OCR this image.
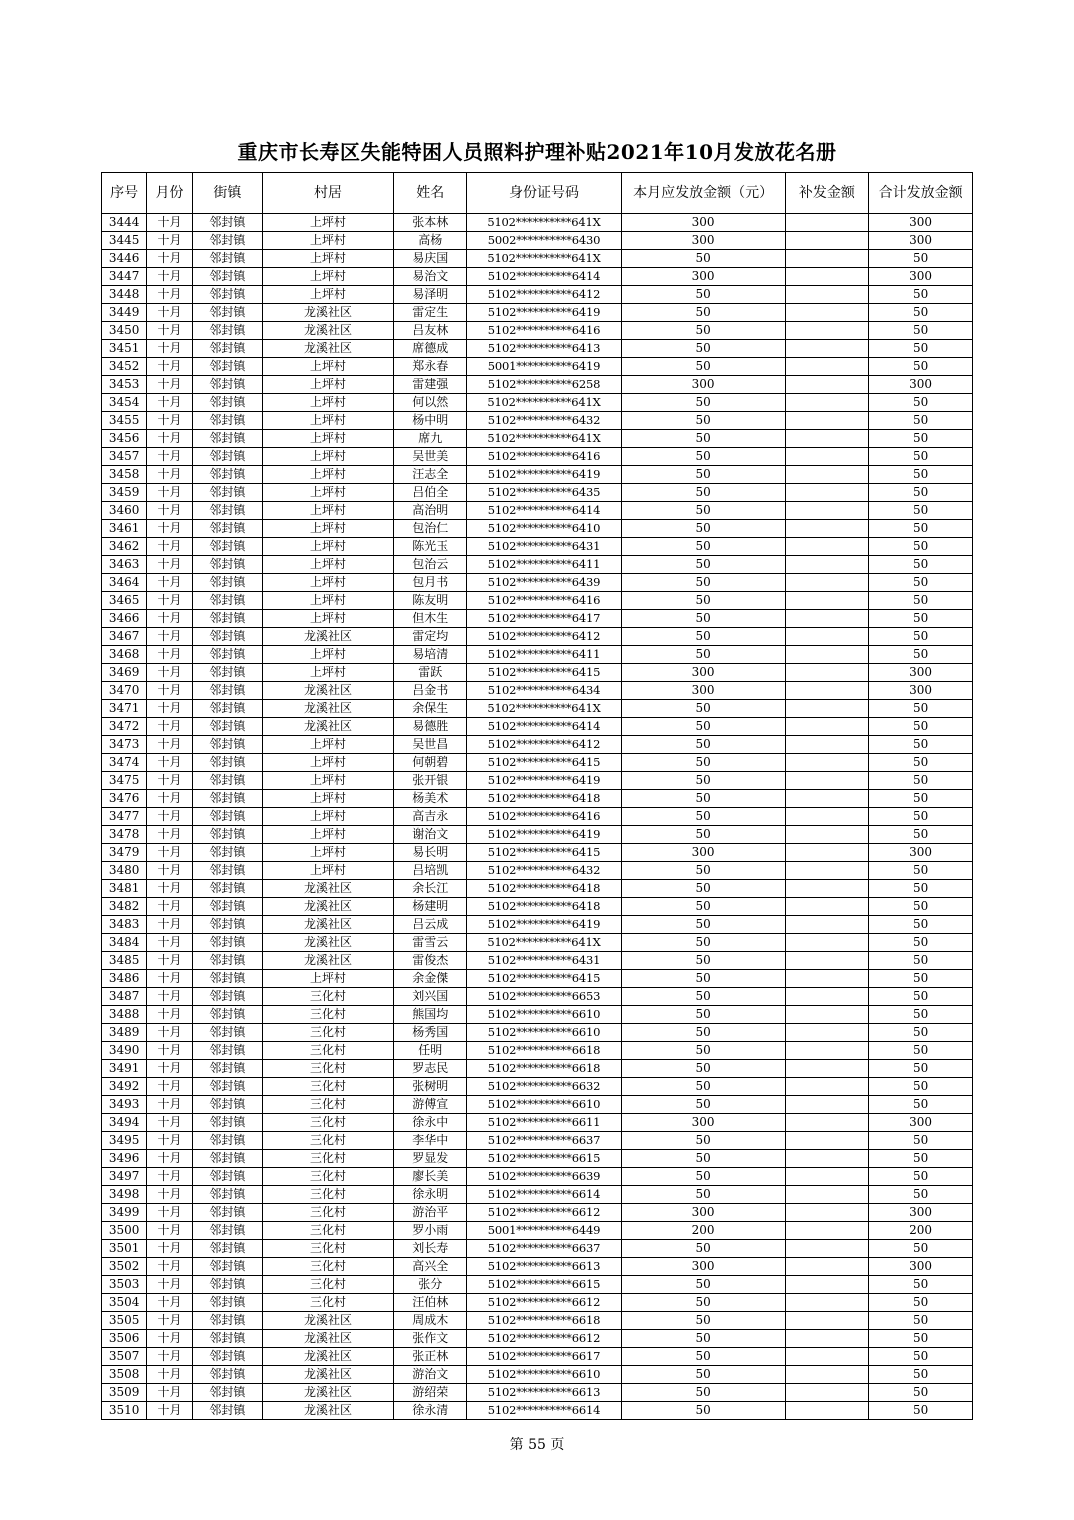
重庆市长寿区失能特困人员照料护理补贴2021年10月发放花名册
序号	月份	街镇	村居	姓名	身份证号码	本月应发放金额（元）	补发金额	合计发放金额
3444	十月	邻封镇	上坪村	张本林	5102**********641X	300		300
3445	十月	邻封镇	上坪村	高杨	5002**********6430	300		300
3446	十月	邻封镇	上坪村	易庆国	5102**********641X	50		50
3447	十月	邻封镇	上坪村	易治文	5102**********6414	300		300
3448	十月	邻封镇	上坪村	易泽明	5102**********6412	50		50
3449	十月	邻封镇	龙溪社区	雷定生	5102**********6419	50		50
3450	十月	邻封镇	龙溪社区	吕友林	5102**********6416	50		50
3451	十月	邻封镇	龙溪社区	席德成	5102**********6413	50		50
3452	十月	邻封镇	上坪村	郑永春	5001**********6419	50		50
3453	十月	邻封镇	上坪村	雷建强	5102**********6258	300		300
3454	十月	邻封镇	上坪村	何以然	5102**********641X	50		50
3455	十月	邻封镇	上坪村	杨中明	5102**********6432	50		50
3456	十月	邻封镇	上坪村	席九	5102**********641X	50		50
3457	十月	邻封镇	上坪村	吴世美	5102**********6416	50		50
3458	十月	邻封镇	上坪村	汪志全	5102**********6419	50		50
3459	十月	邻封镇	上坪村	吕伯全	5102**********6435	50		50
3460	十月	邻封镇	上坪村	高治明	5102**********6414	50		50
3461	十月	邻封镇	上坪村	包治仁	5102**********6410	50		50
3462	十月	邻封镇	上坪村	陈光玉	5102**********6431	50		50
3463	十月	邻封镇	上坪村	包治云	5102**********6411	50		50
3464	十月	邻封镇	上坪村	包月书	5102**********6439	50		50
3465	十月	邻封镇	上坪村	陈友明	5102**********6416	50		50
3466	十月	邻封镇	上坪村	但木生	5102**********6417	50		50
3467	十月	邻封镇	龙溪社区	雷定均	5102**********6412	50		50
3468	十月	邻封镇	上坪村	易培清	5102**********6411	50		50
3469	十月	邻封镇	上坪村	雷跃	5102**********6415	300		300
3470	十月	邻封镇	龙溪社区	吕金书	5102**********6434	300		300
3471	十月	邻封镇	龙溪社区	余保生	5102**********641X	50		50
3472	十月	邻封镇	龙溪社区	易德胜	5102**********6414	50		50
3473	十月	邻封镇	上坪村	吴世昌	5102**********6412	50		50
3474	十月	邻封镇	上坪村	何朝碧	5102**********6415	50		50
3475	十月	邻封镇	上坪村	张开银	5102**********6419	50		50
3476	十月	邻封镇	上坪村	杨美术	5102**********6418	50		50
3477	十月	邻封镇	上坪村	高吉永	5102**********6416	50		50
3478	十月	邻封镇	上坪村	谢治文	5102**********6419	50		50
3479	十月	邻封镇	上坪村	易长明	5102**********6415	300		300
3480	十月	邻封镇	上坪村	吕培凯	5102**********6432	50		50
3481	十月	邻封镇	龙溪社区	余长江	5102**********6418	50		50
3482	十月	邻封镇	龙溪社区	杨建明	5102**********6418	50		50
3483	十月	邻封镇	龙溪社区	吕云成	5102**********6419	50		50
3484	十月	邻封镇	龙溪社区	雷雪云	5102**********641X	50		50
3485	十月	邻封镇	龙溪社区	雷俊杰	5102**********6431	50		50
3486	十月	邻封镇	上坪村	余金傑	5102**********6415	50		50
3487	十月	邻封镇	三化村	刘兴国	5102**********6653	50		50
3488	十月	邻封镇	三化村	熊国均	5102**********6610	50		50
3489	十月	邻封镇	三化村	杨秀国	5102**********6610	50		50
3490	十月	邻封镇	三化村	任明	5102**********6618	50		50
3491	十月	邻封镇	三化村	罗志民	5102**********6618	50		50
3492	十月	邻封镇	三化村	张树明	5102**********6632	50		50
3493	十月	邻封镇	三化村	游傅宣	5102**********6610	50		50
3494	十月	邻封镇	三化村	徐永中	5102**********6611	300		300
3495	十月	邻封镇	三化村	李华中	5102**********6637	50		50
3496	十月	邻封镇	三化村	罗显发	5102**********6615	50		50
3497	十月	邻封镇	三化村	廖长美	5102**********6639	50		50
3498	十月	邻封镇	三化村	徐永明	5102**********6614	50		50
3499	十月	邻封镇	三化村	游治平	5102**********6612	300		300
3500	十月	邻封镇	三化村	罗小雨	5001**********6449	200		200
3501	十月	邻封镇	三化村	刘长寿	5102**********6637	50		50
3502	十月	邻封镇	三化村	高兴全	5102**********6613	300		300
3503	十月	邻封镇	三化村	张分	5102**********6615	50		50
3504	十月	邻封镇	三化村	汪伯林	5102**********6612	50		50
3505	十月	邻封镇	龙溪社区	周成木	5102**********6618	50		50
3506	十月	邻封镇	龙溪社区	张作文	5102**********6612	50		50
3507	十月	邻封镇	龙溪社区	张正林	5102**********6617	50		50
3508	十月	邻封镇	龙溪社区	游治文	5102**********6610	50		50
3509	十月	邻封镇	龙溪社区	游绍荣	5102**********6613	50		50
3510	十月	邻封镇	龙溪社区	徐永清	5102**********6614	50		50
第 55 页
